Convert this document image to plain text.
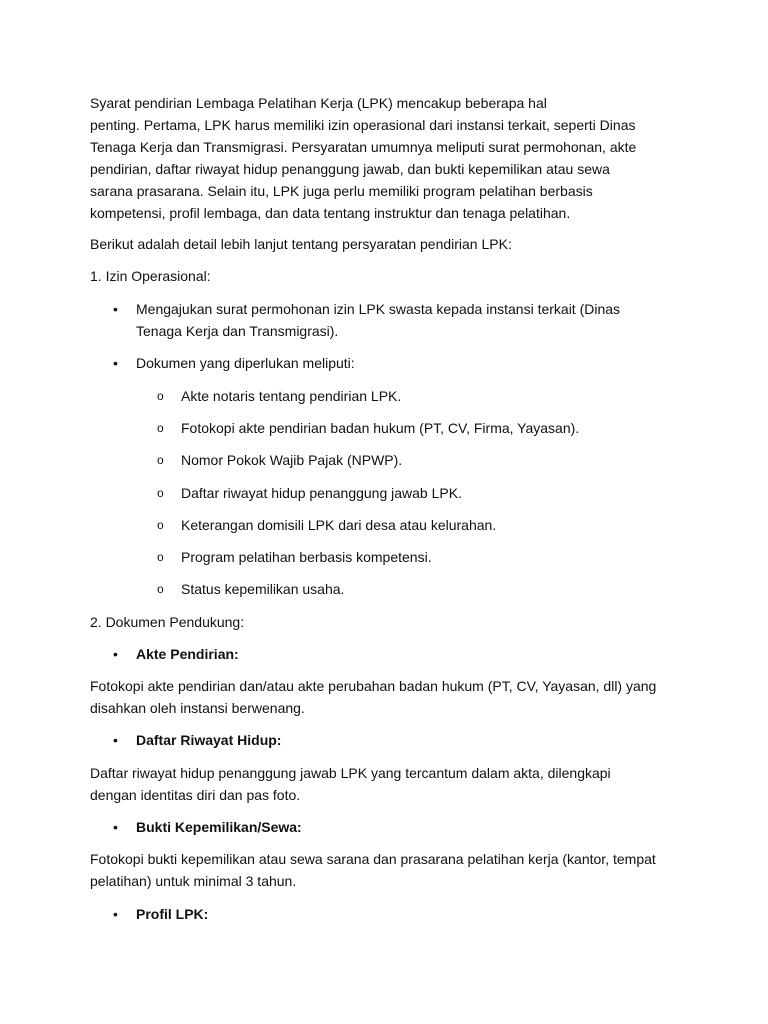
Syarat pendirian Lembaga Pelatihan Kerja (LPK) mencakup beberapa hal
penting. Pertama, LPK harus memiliki izin operasional dari instansi terkait, seperti Dinas
Tenaga Kerja dan Transmigrasi. Persyaratan umumnya meliputi surat permohonan, akte
pendirian, daftar riwayat hidup penanggung jawab, dan bukti kepemilikan atau sewa
sarana prasarana. Selain itu, LPK juga perlu memiliki program pelatihan berbasis
kompetensi, profil lembaga, dan data tentang instruktur dan tenaga pelatihan.

Berikut adalah detail lebih lanjut tentang persyaratan pendirian LPK:

1. Izin Operasional:

• Mengajukan surat permohonan izin LPK swasta kepada instansi terkait (Dinas
Tenaga Kerja dan Transmigrasi).
• Dokumen yang diperlukan meliputi:
o Akte notaris tentang pendirian LPK.
o Fotokopi akte pendirian badan hukum (PT, CV, Firma, Yayasan).
o Nomor Pokok Wajib Pajak (NPWP).
o Daftar riwayat hidup penanggung jawab LPK.
o Keterangan domisili LPK dari desa atau kelurahan.
o Program pelatihan berbasis kompetensi.
o Status kepemilikan usaha.

2. Dokumen Pendukung:

• Akte Pendirian:

Fotokopi akte pendirian dan/atau akte perubahan badan hukum (PT, CV, Yayasan, dll) yang

disahkan oleh instansi berwenang.

• Daftar Riwayat Hidup:

Daftar riwayat hidup penanggung jawab LPK yang tercantum dalam akta, dilengkapi

dengan identitas diri dan pas foto.

• Bukti Kepemilikan/Sewa:

Fotokopi bukti kepemilikan atau sewa sarana dan prasarana pelatihan kerja (kantor, tempat

pelatihan) untuk minimal 3 tahun.

• Profil LPK:
